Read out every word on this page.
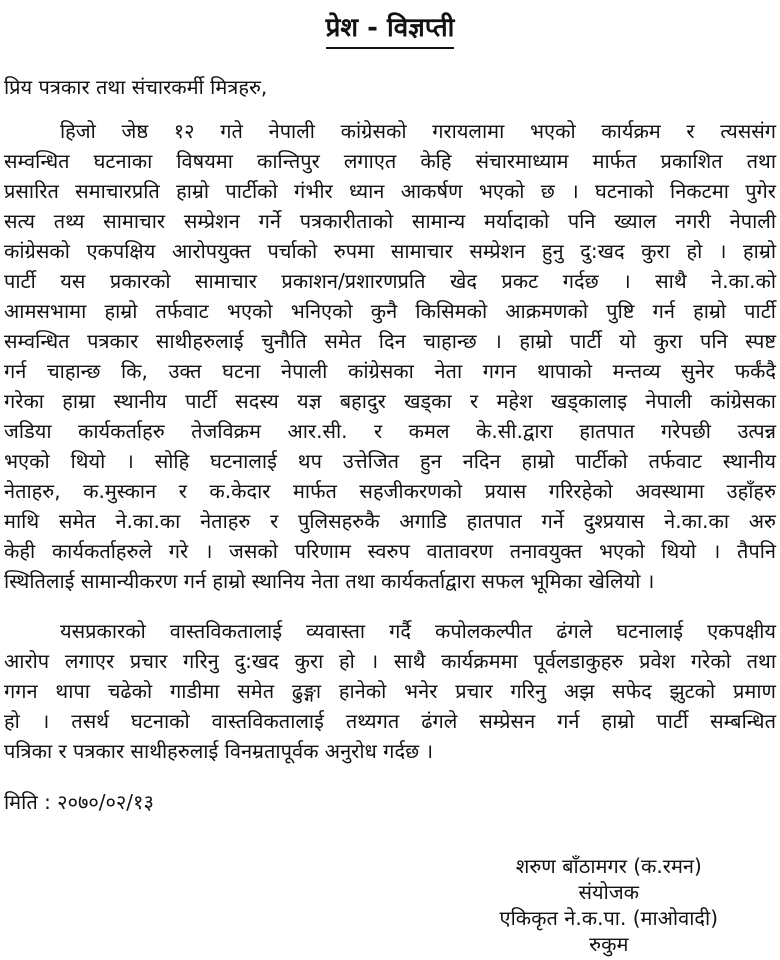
प्रेश - विज्ञप्ती

प्रिय पत्रकार तथा संचारकर्मी मित्रहरु,

हिजो जेष्ठ १२ गते नेपाली कांग्रेसको गरायलामा भएको कार्यक्रम र त्यससंग
सम्वन्धित घटनाका विषयमा कान्तिपुर लगाएत केहि संचारमाध्याम मार्फत प्रकाशित तथा
प्रसारित समाचारप्रति हाम्रो पार्टीको गंभीर ध्यान आकर्षण भएको छ । घटनाको निकटमा पुगेर
सत्य तथ्य सामाचार सम्प्रेशन गर्ने पत्रकारीताको सामान्य मर्यादाको पनि ख्याल नगरी नेपाली
कांग्रेसको एकपक्षिय आरोपयुक्त पर्चाको रुपमा सामाचार सम्प्रेशन हुनु दु:खद कुरा हो । हाम्रो
पार्टी यस प्रकारको सामाचार प्रकाशन/प्रशारणप्रति खेद प्रकट गर्दछ । साथै ने.का.को
आमसभामा हाम्रो तर्फवाट भएको भनिएको कुनै किसिमको आक्रमणको पुष्टि गर्न हाम्रो पार्टी
सम्वन्धित पत्रकार साथीहरुलाई चुनौति समेत दिन चाहान्छ । हाम्रो पार्टी यो कुरा पनि स्पष्ट
गर्न चाहान्छ कि, उक्त घटना नेपाली कांग्रेसका नेता गगन थापाको मन्तव्य सुनेर फर्कंदै
गरेका हाम्रा स्थानीय पार्टी सदस्य यज्ञ बहादुर खड्का र महेश खड्कालाइ नेपाली कांग्रेसका
जडिया कार्यकर्ताहरु तेजविक्रम आर.सी. र कमल के.सी.द्वारा हातपात गरेपछी उत्पन्न
भएको थियो । सोहि घटनालाई थप उत्तेजित हुन नदिन हाम्रो पार्टीको तर्फवाट स्थानीय
नेताहरु, क.मुस्कान र क.केदार मार्फत सहजीकरणको प्रयास गरिरहेको अवस्थामा उहाँहरु
माथि समेत ने.का.का नेताहरु र पुलिसहरुकै अगाडि हातपात गर्ने दुश्प्रयास ने.का.का अरु
केही कार्यकर्ताहरुले गरे । जसको परिणाम स्वरुप वातावरण तनावयुक्त भएको थियो । तैपनि
स्थितिलाई सामान्यीकरण गर्न हाम्रो स्थानिय नेता तथा कार्यकर्ताद्वारा सफल भूमिका खेलियो ।
यसप्रकारको वास्तविकतालाई व्यवास्ता गर्दै कपोलकल्पीत ढंगले घटनालाई एकपक्षीय
आरोप लगाएर प्रचार गरिनु दु:खद कुरा हो । साथै कार्यक्रममा पूर्वलडाकुहरु प्रवेश गरेको तथा
गगन थापा चढेको गाडीमा समेत ढुङ्गा हानेको भनेर प्रचार गरिनु अझ सफेद झुटको प्रमाण
हो । तसर्थ घटनाको वास्तविकतालाई तथ्यगत ढंगले सम्प्रेसन गर्न हाम्रो पार्टी सम्बन्धित
पत्रिका र पत्रकार साथीहरुलाई विनम्रतापूर्वक अनुरोध गर्दछ ।

मिति : २०७०/०२/१३

शरुण बाँठामगर (क.रमन)
संयोजक
एकिकृत ने.क.पा. (माओवादी)
रुकुम
